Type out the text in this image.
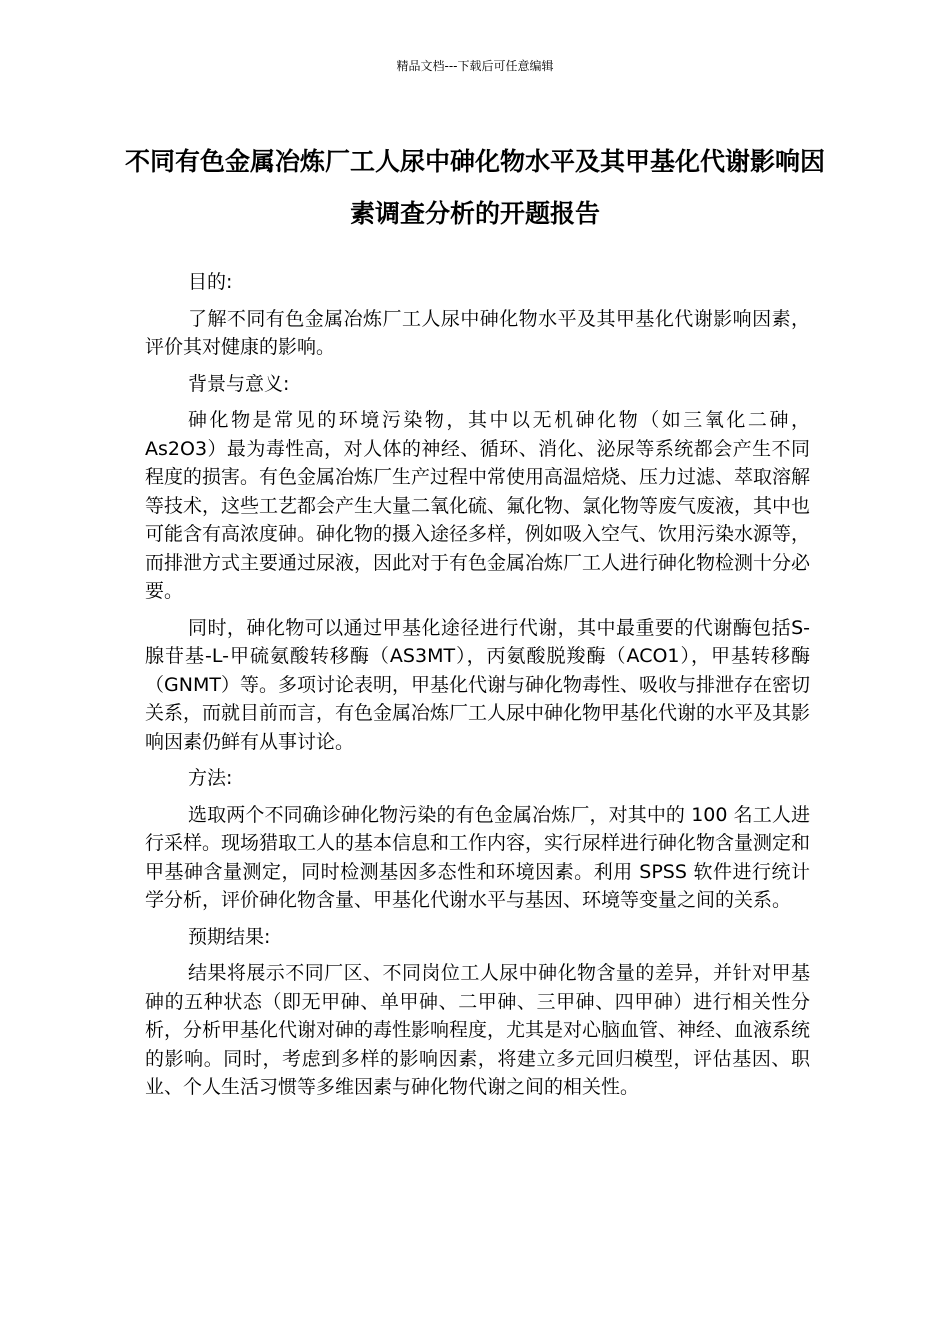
精品文档---下载后可任意编辑
不同有色金属冶炼厂工人尿中砷化物水平及其甲基化代谢影响因素调查分析的开题报告

目的:

了解不同有色金属冶炼厂工人尿中砷化物水平及其甲基化代谢影响因素，评价其对健康的影响。

背景与意义:

砷化物是常见的环境污染物，其中以无机砷化物（如三氧化二砷，As2O3）最为毒性高，对人体的神经、循环、消化、泌尿等系统都会产生不同程度的损害。有色金属冶炼厂生产过程中常使用高温焙烧、压力过滤、萃取溶解等技术，这些工艺都会产生大量二氧化硫、氟化物、氯化物等废气废液，其中也可能含有高浓度砷。砷化物的摄入途径多样，例如吸入空气、饮用污染水源等，而排泄方式主要通过尿液，因此对于有色金属冶炼厂工人进行砷化物检测十分必要。

同时，砷化物可以通过甲基化途径进行代谢，其中最重要的代谢酶包括S-腺苷基-L-甲硫氨酸转移酶（AS3MT），丙氨酸脱羧酶（ACO1），甲基转移酶（GNMT）等。多项讨论表明，甲基化代谢与砷化物毒性、吸收与排泄存在密切关系，而就目前而言，有色金属冶炼厂工人尿中砷化物甲基化代谢的水平及其影响因素仍鲜有从事讨论。

方法:

选取两个不同确诊砷化物污染的有色金属冶炼厂，对其中的 100 名工人进行采样。现场猎取工人的基本信息和工作内容，实行尿样进行砷化物含量测定和甲基砷含量测定，同时检测基因多态性和环境因素。利用 SPSS 软件进行统计学分析，评价砷化物含量、甲基化代谢水平与基因、环境等变量之间的关系。

预期结果:

结果将展示不同厂区、不同岗位工人尿中砷化物含量的差异，并针对甲基砷的五种状态（即无甲砷、单甲砷、二甲砷、三甲砷、四甲砷）进行相关性分析，分析甲基化代谢对砷的毒性影响程度，尤其是对心脑血管、神经、血液系统的影响。同时，考虑到多样的影响因素，将建立多元回归模型，评估基因、职业、个人生活习惯等多维因素与砷化物代谢之间的相关性。
